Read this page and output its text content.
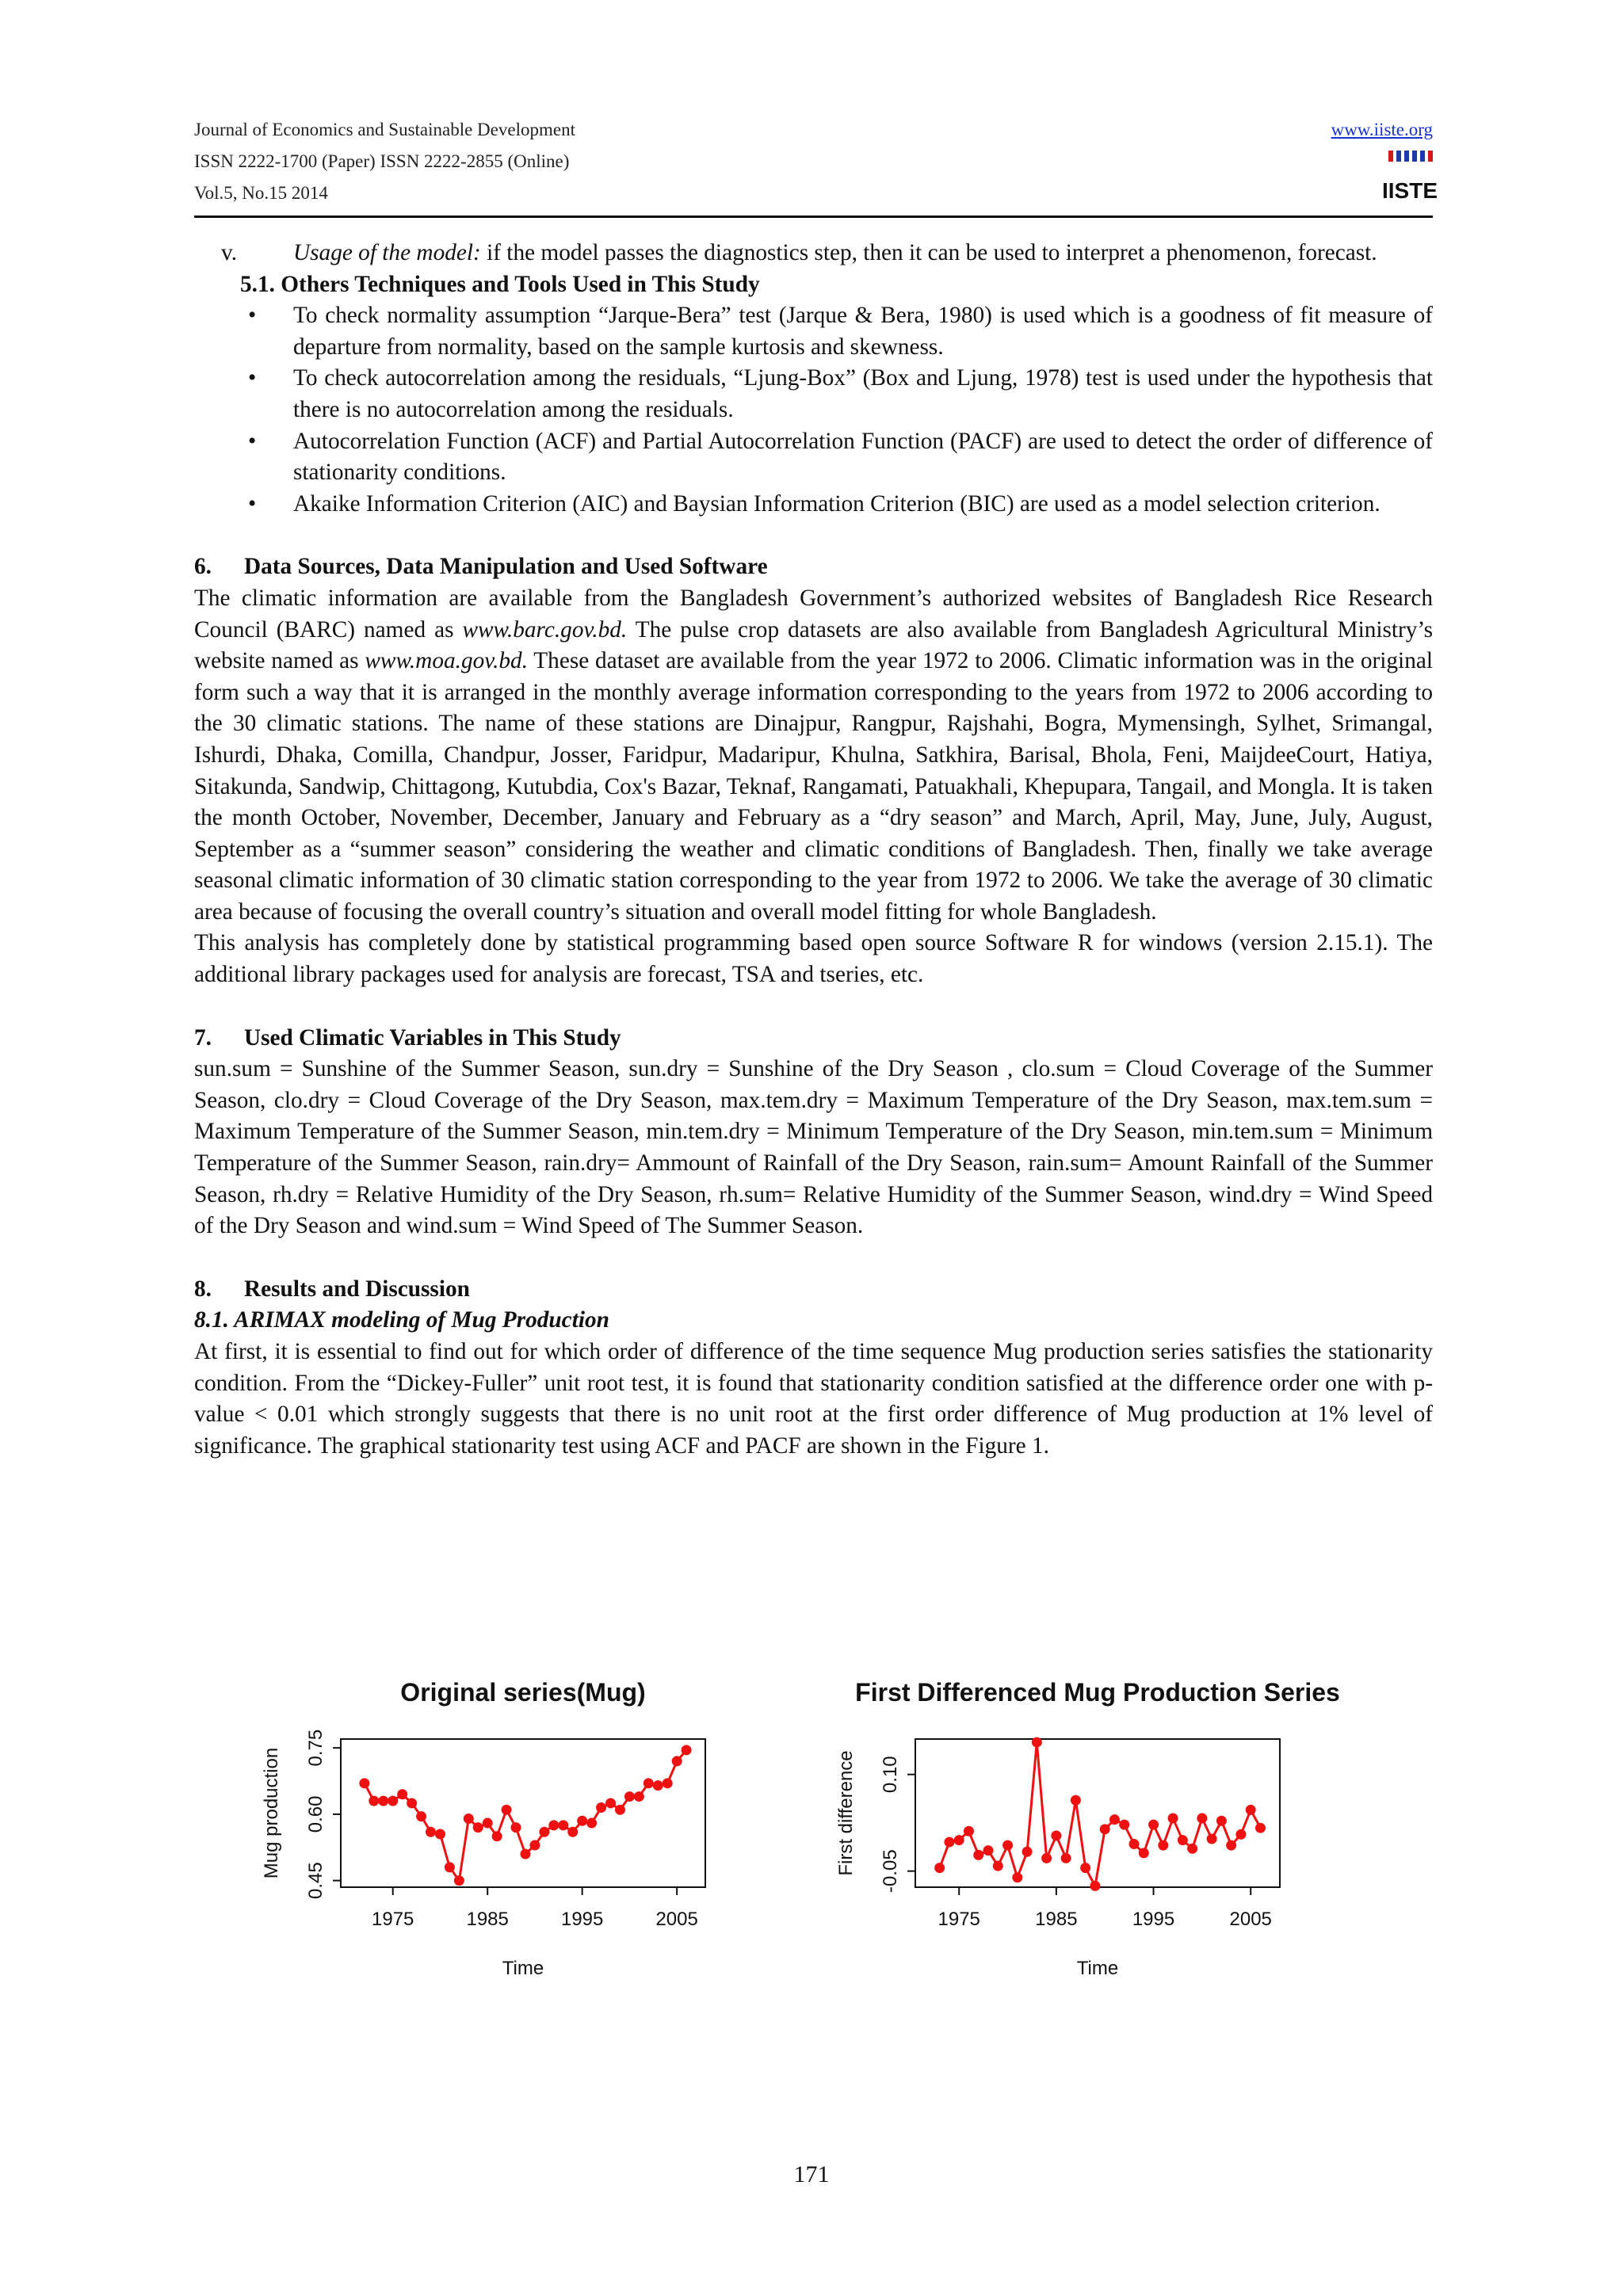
Journal of Economics and Sustainable Development
ISSN 2222-1700 (Paper) ISSN 2222-2855 (Online)
Vol.5, No.15 2014
www.iiste.org
IISTE
v. Usage of the model: if the model passes the diagnostics step, then it can be used to interpret a phenomenon, forecast.
5.1. Others Techniques and Tools Used in This Study
• To check normality assumption “Jarque-Bera” test (Jarque & Bera, 1980) is used which is a goodness of fit measure of departure from normality, based on the sample kurtosis and skewness.
• To check autocorrelation among the residuals, “Ljung-Box” (Box and Ljung, 1978) test is used under the hypothesis that there is no autocorrelation among the residuals.
• Autocorrelation Function (ACF) and Partial Autocorrelation Function (PACF) are used to detect the order of difference of stationarity conditions.
• Akaike Information Criterion (AIC) and Baysian Information Criterion (BIC) are used as a model selection criterion.
6. Data Sources, Data Manipulation and Used Software

The climatic information are available from the Bangladesh Government’s authorized websites of Bangladesh Rice Research Council (BARC) named as www.barc.gov.bd. The pulse crop datasets are also available from Bangladesh Agricultural Ministry’s website named as www.moa.gov.bd. These dataset are available from the year 1972 to 2006. Climatic information was in the original form such a way that it is arranged in the monthly average information corresponding to the years from 1972 to 2006 according to the 30 climatic stations. The name of these stations are Dinajpur, Rangpur, Rajshahi, Bogra, Mymensingh, Sylhet, Srimangal, Ishurdi, Dhaka, Comilla, Chandpur, Josser, Faridpur, Madaripur, Khulna, Satkhira, Barisal, Bhola, Feni, MaijdeeCourt, Hatiya, Sitakunda, Sandwip, Chittagong, Kutubdia, Cox's Bazar, Teknaf, Rangamati, Patuakhali, Khepupara, Tangail, and Mongla. It is taken the month October, November, December, January and February as a “dry season” and March, April, May, June, July, August, September as a “summer season” considering the weather and climatic conditions of Bangladesh. Then, finally we take average seasonal climatic information of 30 climatic station corresponding to the year from 1972 to 2006. We take the average of 30 climatic area because of focusing the overall country’s situation and overall model fitting for whole Bangladesh.

This analysis has completely done by statistical programming based open source Software R for windows (version 2.15.1). The additional library packages used for analysis are forecast, TSA and tseries, etc.

7. Used Climatic Variables in This Study

sun.sum = Sunshine of the Summer Season, sun.dry = Sunshine of the Dry Season , clo.sum = Cloud Coverage of the Summer Season, clo.dry = Cloud Coverage of the Dry Season, max.tem.dry = Maximum Temperature of the Dry Season, max.tem.sum = Maximum Temperature of the Summer Season, min.tem.dry = Minimum Temperature of the Dry Season, min.tem.sum = Minimum Temperature of the Summer Season, rain.dry= Ammount of Rainfall of the Dry Season, rain.sum= Amount Rainfall of the Summer Season, rh.dry = Relative Humidity of the Dry Season, rh.sum= Relative Humidity of the Summer Season, wind.dry = Wind Speed of the Dry Season and wind.sum = Wind Speed of The Summer Season.

8. Results and Discussion
8.1. ARIMAX modeling of Mug Production

At first, it is essential to find out for which order of difference of the time sequence Mug production series satisfies the stationarity condition. From the “Dickey-Fuller” unit root test, it is found that stationarity condition satisfied at the difference order one with p-value < 0.01 which strongly suggests that there is no unit root at the first order difference of Mug production at 1% level of significance. The graphical stationarity test using ACF and PACF are shown in the Figure 1.

Original series(Mug)
1975	1985	1995	2005
0.45
0.60
0.75
Time
Mug production
First Differenced Mug Production Series
1975	1985	1995	2005
-0.05
0.10
Time
First difference
171
